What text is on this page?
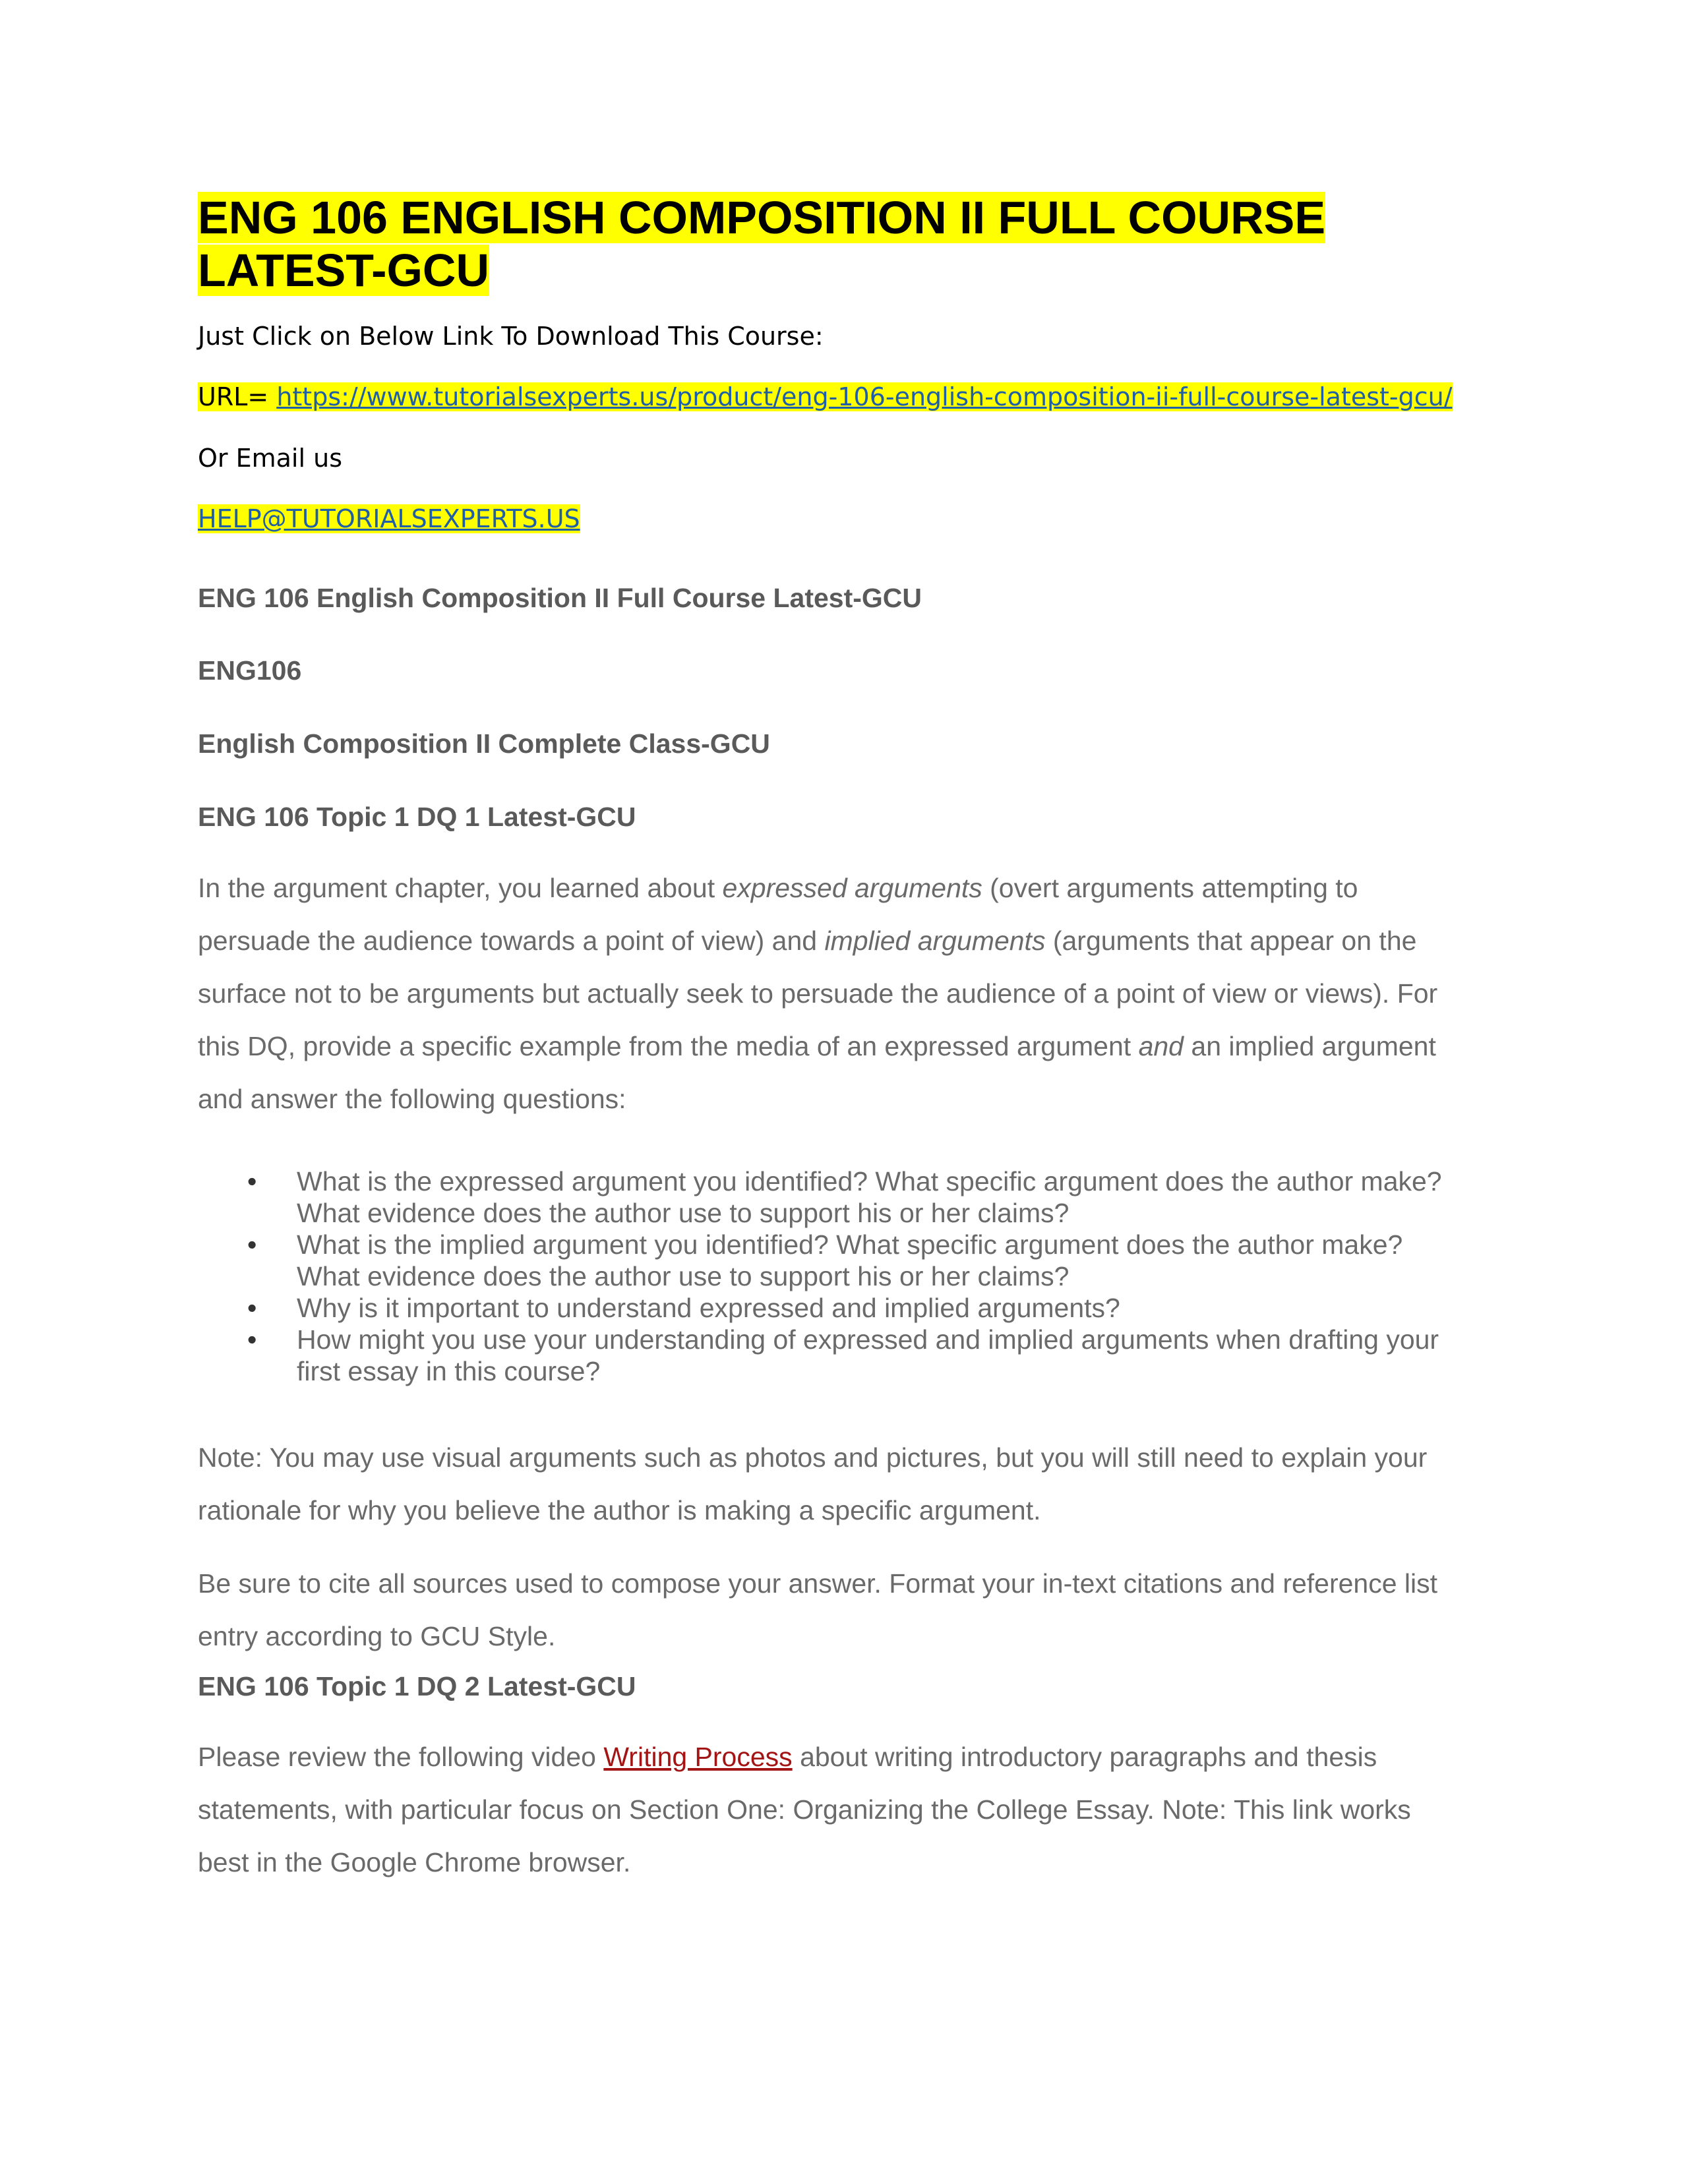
ENG 106 ENGLISH COMPOSITION II FULL COURSE
LATEST-GCU
Just Click on Below Link To Download This Course:
URL= https://www.tutorialsexperts.us/product/eng-106-english-composition-ii-full-course-latest-gcu/
Or Email us
HELP@TUTORIALSEXPERTS.US
ENG 106 English Composition II Full Course Latest-GCU
ENG106
English Composition II Complete Class-GCU
ENG 106 Topic 1 DQ 1 Latest-GCU
In the argument chapter, you learned about expressed arguments (overt arguments attempting to
persuade the audience towards a point of view) and implied arguments (arguments that appear on the
surface not to be arguments but actually seek to persuade the audience of a point of view or views). For
this DQ, provide a specific example from the media of an expressed argument and an implied argument
and answer the following questions:
• What is the expressed argument you identified? What specific argument does the author make?
What evidence does the author use to support his or her claims?
• What is the implied argument you identified? What specific argument does the author make?
What evidence does the author use to support his or her claims?
• Why is it important to understand expressed and implied arguments?
• How might you use your understanding of expressed and implied arguments when drafting your
first essay in this course?
Note: You may use visual arguments such as photos and pictures, but you will still need to explain your
rationale for why you believe the author is making a specific argument.
Be sure to cite all sources used to compose your answer. Format your in-text citations and reference list
entry according to GCU Style.
ENG 106 Topic 1 DQ 2 Latest-GCU
Please review the following video Writing Process about writing introductory paragraphs and thesis
statements, with particular focus on Section One: Organizing the College Essay. Note: This link works
best in the Google Chrome browser.
